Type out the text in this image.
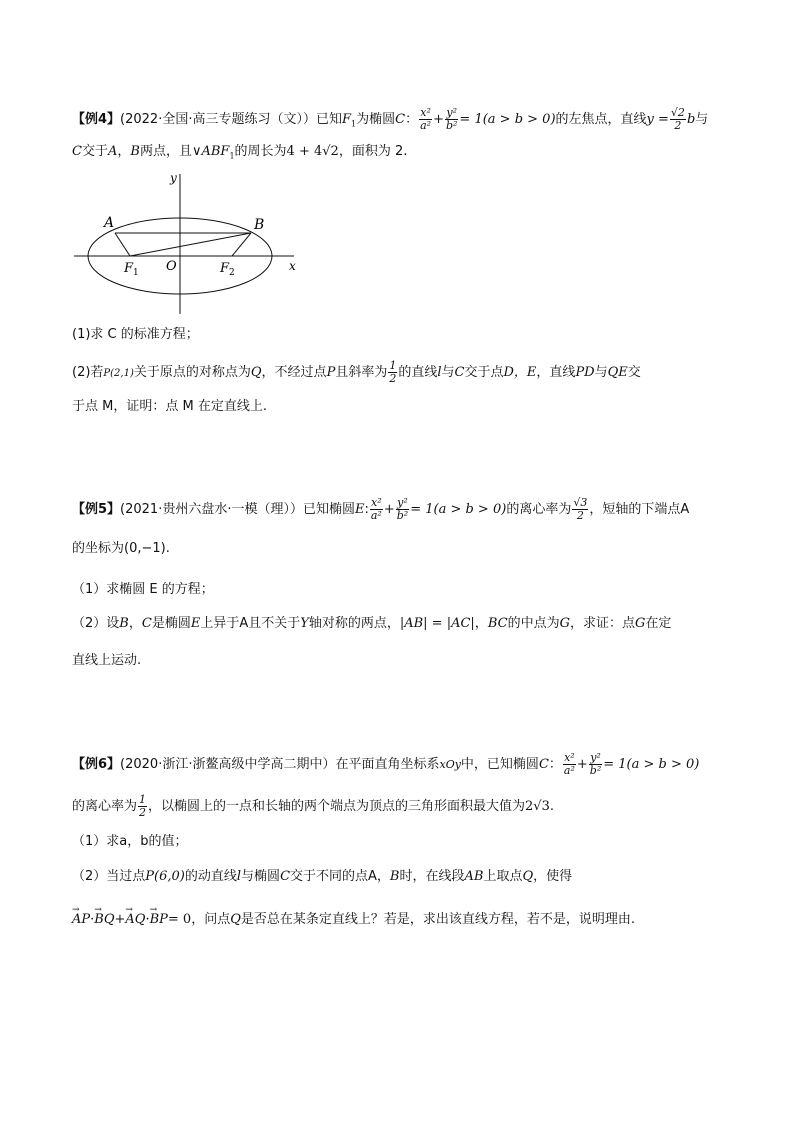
【例4】(2022·全国·高三专题练习（文））已知$F_1$为椭圆C： $\frac{\text{x²}}{\text{a²}} + \frac{\text{y²}}{\text{b²}} = 1(a > b > 0)$的左焦点，直线$y = \frac{√2}{2}$ b与
C交于A，B两点，且$\vee ABF_1$的周长为4 + 4√2，面积为 2.
y
x
A	B
O
$F_1$	$F_2$
(1)求 C 的标准方程；
(2)若P(2,1)关于原点的对称点为Q，不经过点P且斜率为 $\frac{1}{2}$ 的直线l与C交于点D，E，直线PD与QE交
于点 M，证明：点 M 在定直线上.
【例5】(2021·贵州六盘水·一模（理））已知椭圆E: $\frac{\text{x²}}{\text{a²}} + \frac{\text{y²}}{\text{b²}} = 1(a > b > 0)$的离心率为 $\frac{√3}{2}$ ，短轴的下端点A
的坐标为(0,−1).
（1）求椭圆 E 的方程；
（2）设B，C是椭圆E上异于A且不关于Y轴对称的两点，|AB| = |AC|，BC的中点为G，求证：点G在定
直线上运动.
【例6】(2020·浙江·浙鳌高级中学高二期中）在平面直角坐标系xOy中，已知椭圆C： $\frac{\text{x²}}{\text{a²}} + \frac{\text{y²}}{\text{b²}} = 1(a > b > 0)$
的离心率为 $\frac{1}{2}$ ，以椭圆上的一点和长轴的两个端点为顶点的三角形面积最大值为2√3.
（1）求a，b的值；
（2）当过点P(6,0)的动直线l与椭圆C交于不同的点A，B时，在线段AB上取点Q，使得
→ AP·→ BQ+→ AQ·→ BP= 0，问点Q是否总在某条定直线上？若是，求出该直线方程，若不是，说明理由.
